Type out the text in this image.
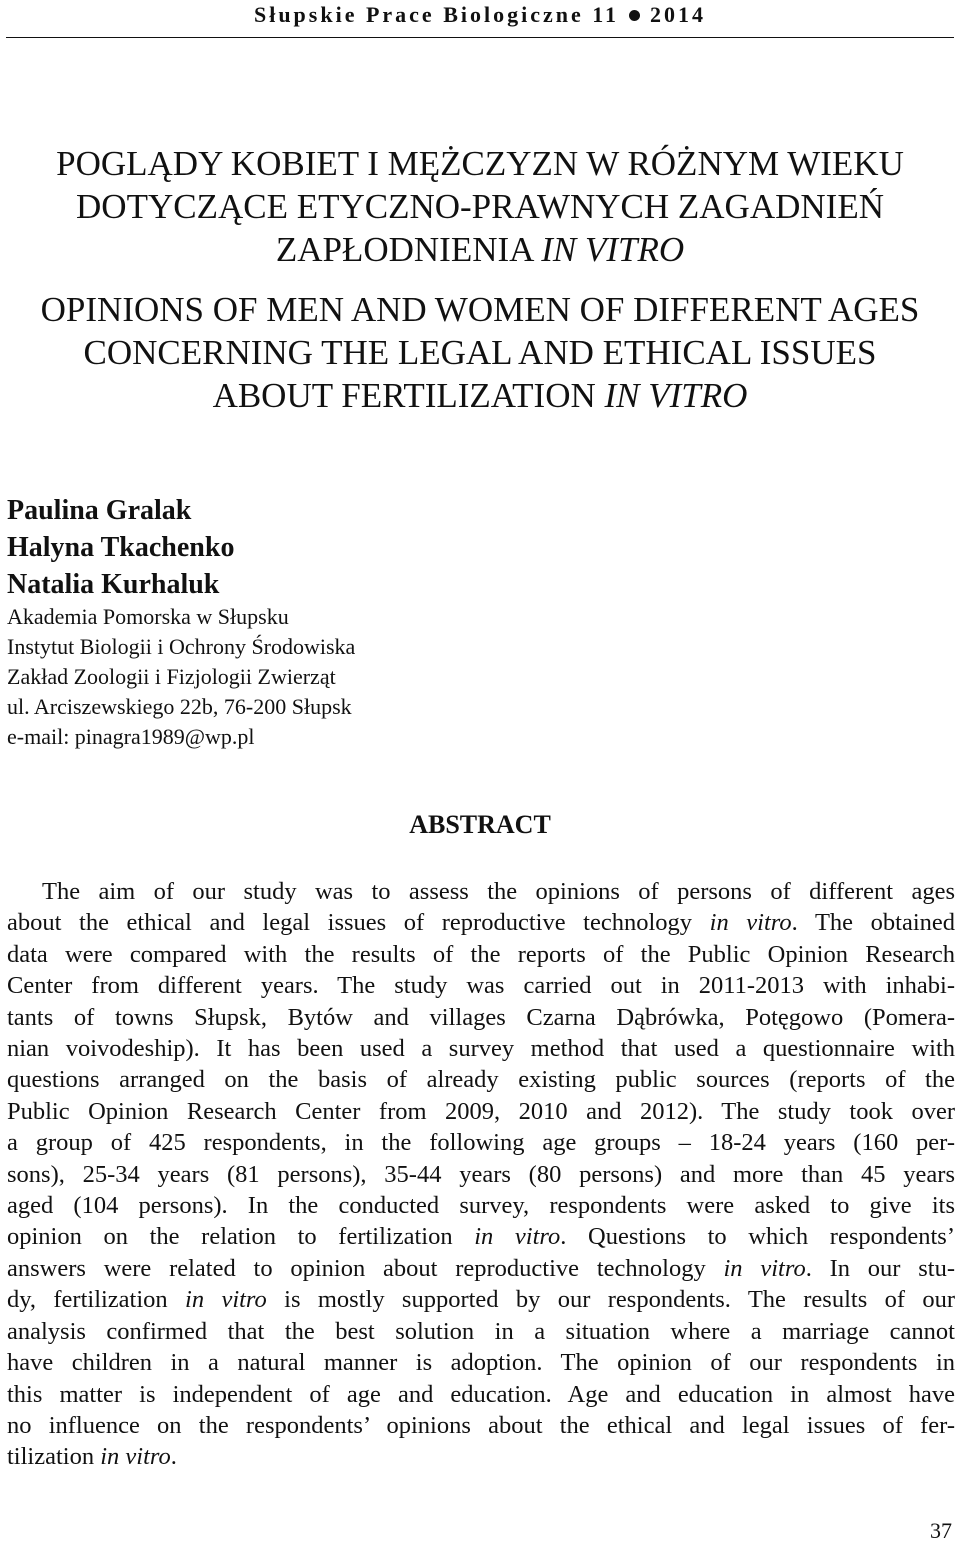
Słupskie Prace Biologiczne 11 2014
POGLĄDY KOBIET I MĘŻCZYZN W RÓŻNYM WIEKU
DOTYCZĄCE ETYCZNO-PRAWNYCH ZAGADNIEŃ
ZAPŁODNIENIA IN VITRO
OPINIONS OF MEN AND WOMEN OF DIFFERENT AGES
CONCERNING THE LEGAL AND ETHICAL ISSUES
ABOUT FERTILIZATION IN VITRO
Paulina Gralak
Halyna Tkachenko
Natalia Kurhaluk
Akademia Pomorska w Słupsku
Instytut Biologii i Ochrony Środowiska
Zakład Zoologii i Fizjologii Zwierząt
ul. Arciszewskiego 22b, 76-200 Słupsk
e-mail: pinagra1989@wp.pl
ABSTRACT
The aim of our study was to assess the opinions of persons of different ages
about the ethical and legal issues of reproductive technology in vitro. The obtained
data were compared with the results of the reports of the Public Opinion Research
Center from different years. The study was carried out in 2011-2013 with inhabi-
tants of towns Słupsk, Bytów and villages Czarna Dąbrówka, Potęgowo (Pomera-
nian voivodeship). It has been used a survey method that used a questionnaire with
questions arranged on the basis of already existing public sources (reports of the
Public Opinion Research Center from 2009, 2010 and 2012). The study took over
a group of 425 respondents, in the following age groups – 18-24 years (160 per-
sons), 25-34 years (81 persons), 35-44 years (80 persons) and more than 45 years
aged (104 persons). In the conducted survey, respondents were asked to give its
opinion on the relation to fertilization in vitro. Questions to which respondents’
answers were related to opinion about reproductive technology in vitro. In our stu-
dy, fertilization in vitro is mostly supported by our respondents. The results of our
analysis confirmed that the best solution in a situation where a marriage cannot
have children in a natural manner is adoption. The opinion of our respondents in
this matter is independent of age and education. Age and education in almost have
no influence on the respondents’ opinions about the ethical and legal issues of fer-
tilization in vitro.
37
